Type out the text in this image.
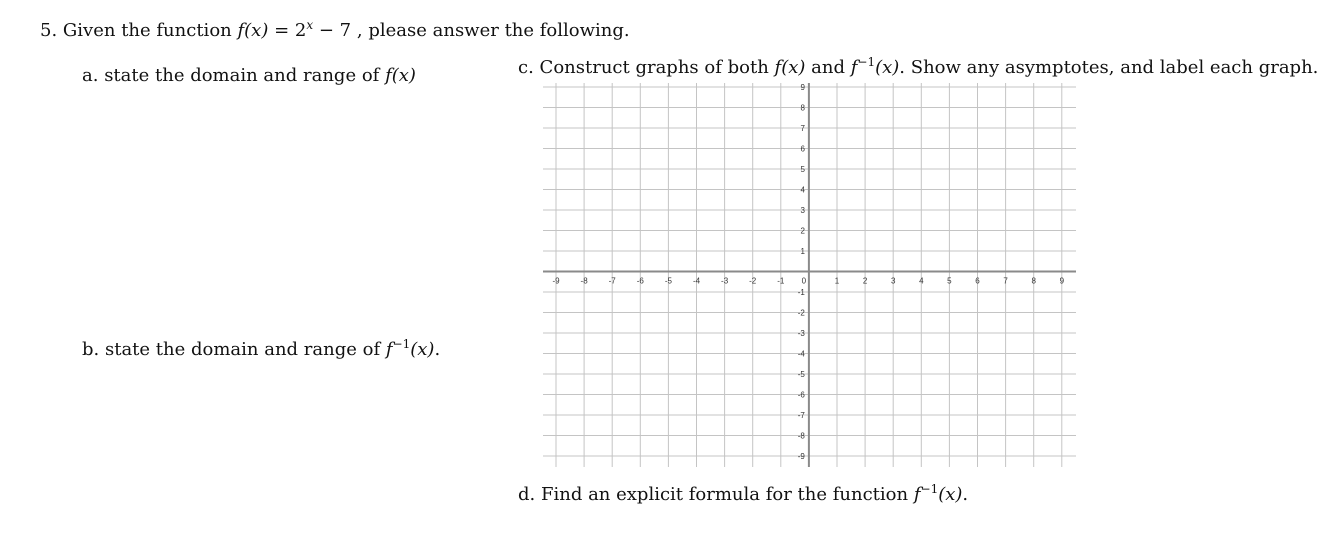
5. Given the function $f(x) = 2^x - 7$ , please answer the following.
a. state the domain and range of f(x)
b. state the domain and range of $f^{-1}(x)$.
c. Construct graphs of both f(x) and $f^{-1}(x)$. Show any asymptotes, and label each graph.
-9	-8	-7	-6	-5	-4	-3	-2	-1 0	1	2	3	4	5	6	7	8	9
9
8
7
6
5
4
3
2
1
-1
-2
-3
-4
-5
-6
-7
-8
-9
d. Find an explicit formula for the function $f^{-1}(x)$.
